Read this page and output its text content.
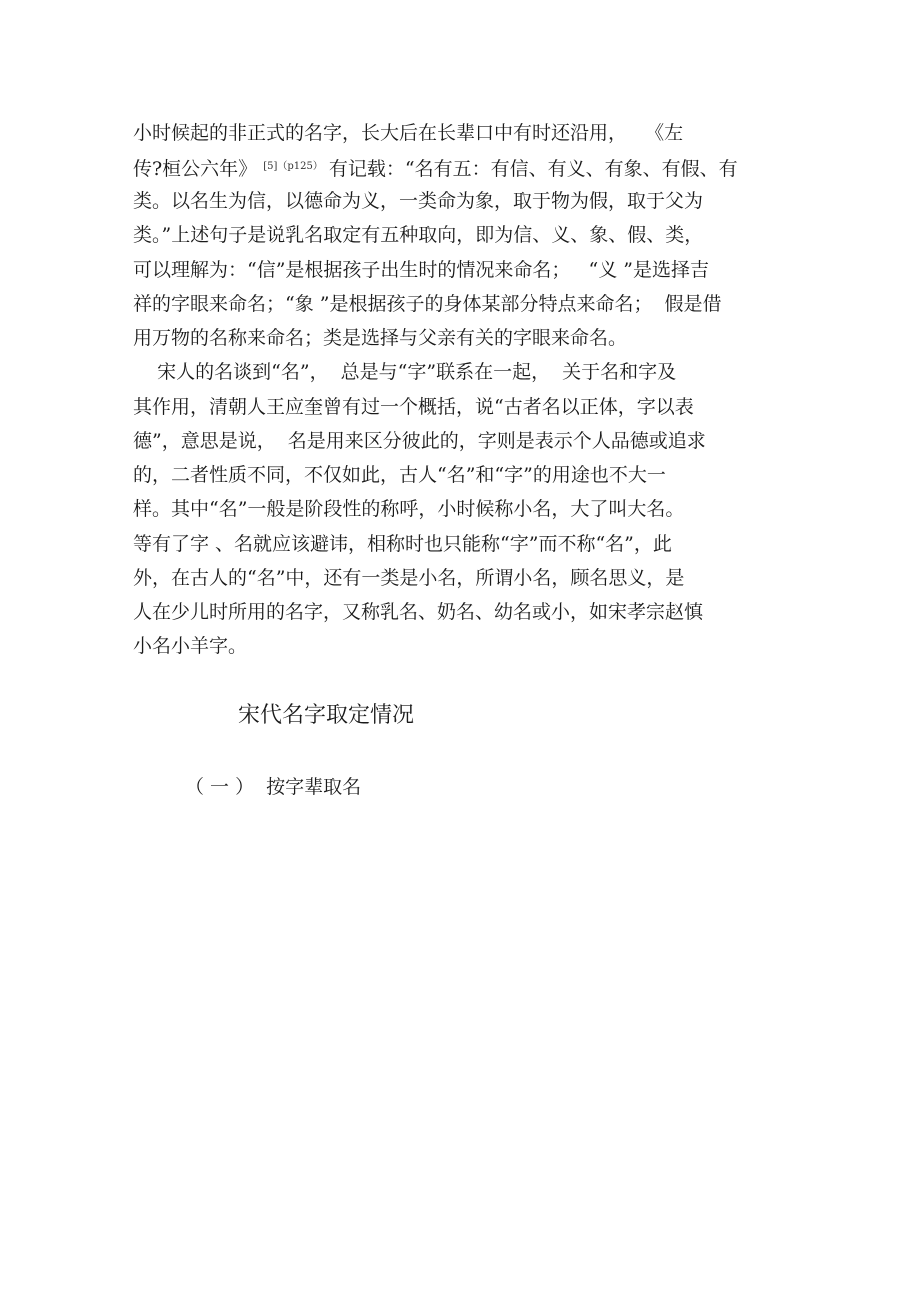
小时候起的非正式的名字，长大后在长辈口中有时还沿用，   《左
传?桓公六年》 $^{[5](p125)}$ 有记载：“名有五：有信、有义、有象、有假、有
类。以名生为信，以德命为义，一类命为象，取于物为假，取于父为
类。”上述句子是说乳名取定有五种取向，即为信、义、象、假、类，
可以理解为：“信”是根据孩子出生时的情况来命名；   “义 ”是选择吉
祥的字眼来命名；“象 ”是根据孩子的身体某部分特点来命名；  假是借
用万物的名称来命名；类是选择与父亲有关的字眼来命名。
宋人的名谈到“名”，  总是与“字”联系在一起，  关于名和字及
其作用，清朝人王应奎曾有过一个概括，说“古者名以正体，字以表
德”，意思是说，  名是用来区分彼此的，字则是表示个人品德或追求
的，二者性质不同，不仅如此，古人“名”和“字”的用途也不大一
样。其中“名”一般是阶段性的称呼，小时候称小名，大了叫大名。
等有了字 、名就应该避讳，相称时也只能称“字”而不称“名”，此
外，在古人的“名”中，还有一类是小名，所谓小名，顾名思义，是
人在少儿时所用的名字，又称乳名、奶名、幼名或小，如宋孝宗赵慎
小名小羊字。
宋代名字取定情况
（ 一 ）  按字辈取名
